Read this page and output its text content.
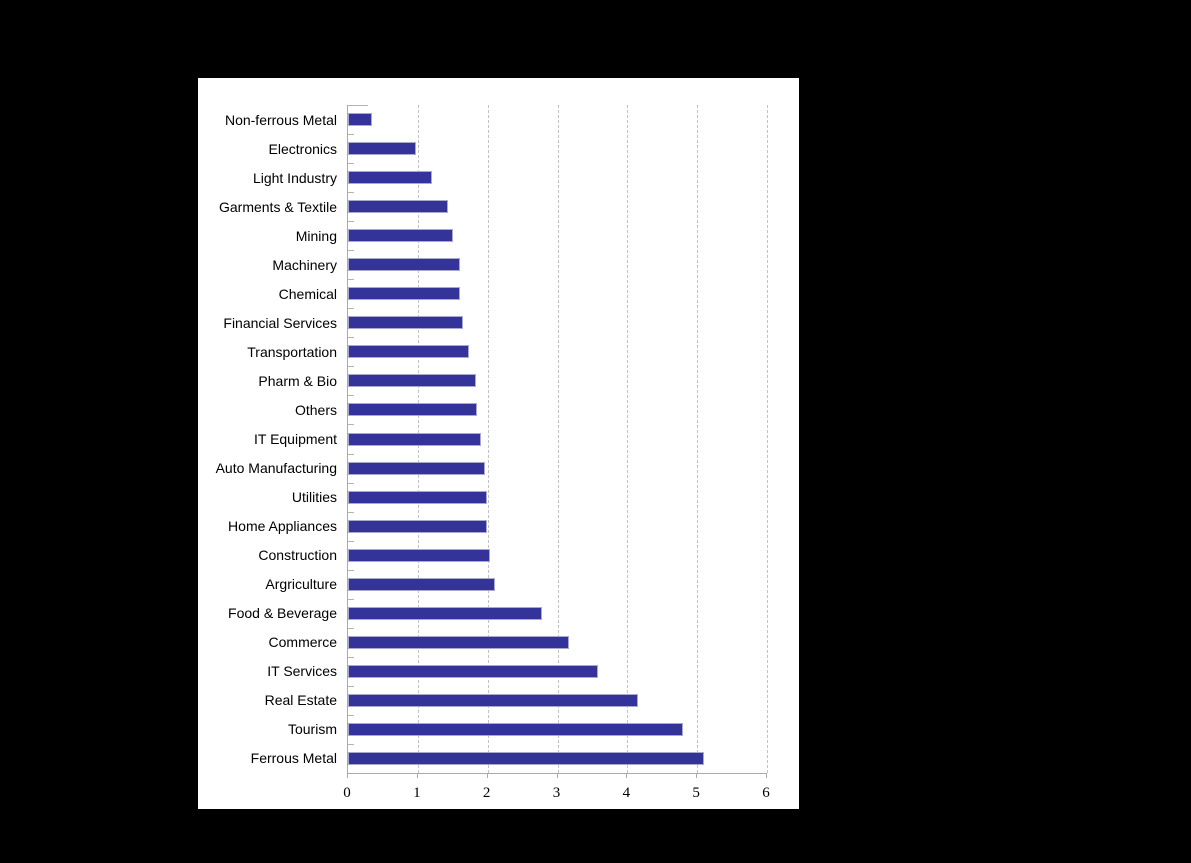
Non-ferrous Metal
Electronics
Light Industry
Garments & Textile
Mining
Machinery
Chemical
Financial Services
Transportation
Pharm & Bio
Others
IT Equipment
Auto Manufacturing
Utilities
Home Appliances
Construction
Argriculture
Food & Beverage
Commerce
IT Services
Real Estate
Tourism
Ferrous Metal
0	1	2	3	4	5	6
